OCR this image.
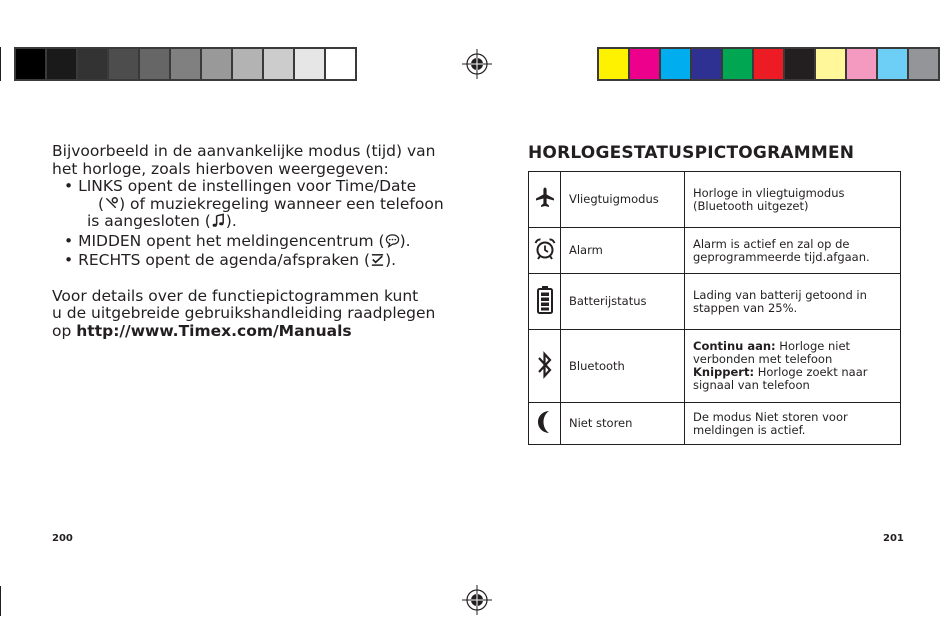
Bijvoorbeeld in de aanvankelijke modus (tijd) van
het horloge, zoals hierboven weergegeven:

• LINKS opent de instellingen voor Time/Date
( ) of muziekregeling wanneer een telefoon
is aangesloten ( ).

• MIDDEN opent het meldingencentrum ( ).

• RECHTS opent de agenda/afspraken ( ).

Voor details over de functiepictogrammen kunt
u de uitgebreide gebruikshandleiding raadplegen
op http://www.Timex.com/Manuals

200
HORLOGESTATUSPICTOGRAMMEN
	Vliegtuigmodus	Horloge in vliegtuigmodus (Bluetooth uitgezet)
	Alarm	Alarm is actief en zal op de geprogrammeerde tijd.afgaan.
	Batterijstatus	Lading van batterij getoond in stappen van 25%.
	Bluetooth	Continu aan: Horloge niet verbonden met telefoon
Knippert: Horloge zoekt naar signaal van telefoon
	Niet storen	De modus Niet storen voor meldingen is actief.
201
